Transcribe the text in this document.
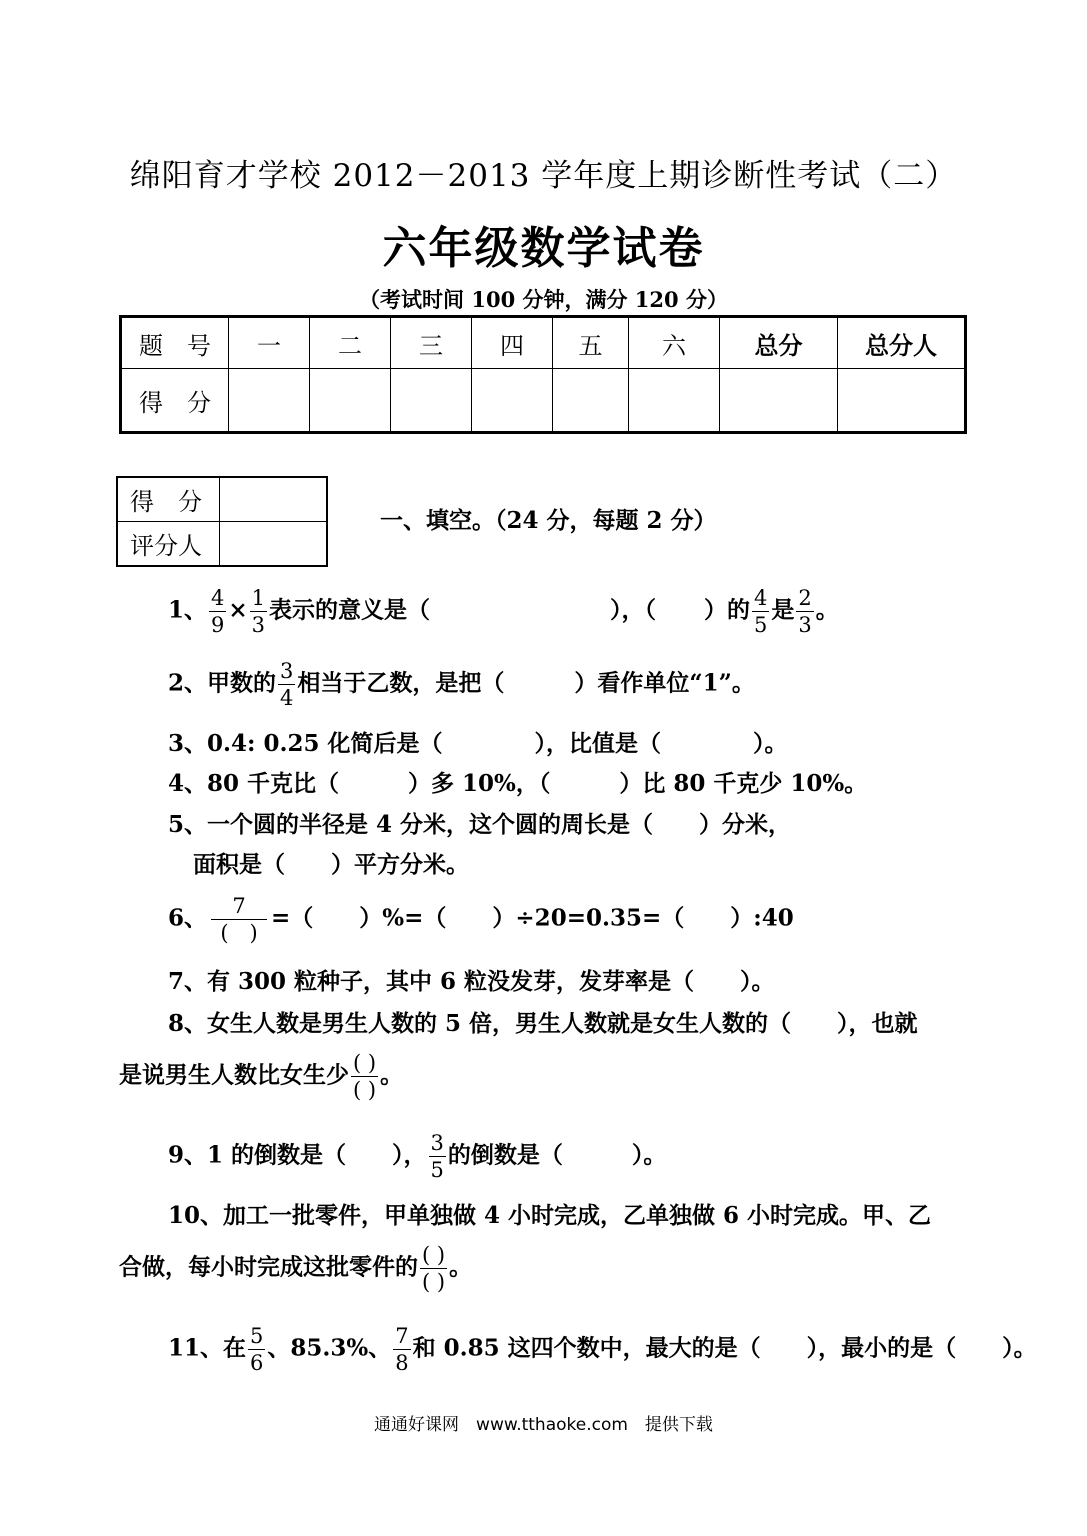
绵阳育才学校 2012－2013 学年度上期诊断性考试（二）
六年级数学试卷
（考试时间 100 分钟，满分 120 分）
题　号	一	二	三	四	五	六	总分	总分人
得　分								
得　分	
评分人	
一、填空。（24 分，每题 2 分）
1、 $\frac{4}{9} \times \frac{1}{3}$ 表示的意义是（	），（ ）的 $\frac{4}{5}$ 是 $\frac{2}{3}$ 。
2、甲数的 $\frac{3}{4}$ 相当于乙数，是把（	）看作单位“1”。
3、0.4: 0.25 化简后是（　　　　），比值是（　　　　）。
4、80 千克比（　　　）多 10%，（　　　）比 80 千克少 10%。
5、一个圆的半径是 4 分米，这个圆的周长是（　　）分米，
面积是（　　）平方分米。
6、 $\frac{7}{( )}$ =（　　）%=（　　）÷20=0.35=（　　）:40
7、有 300 粒种子，其中 6 粒没发芽，发芽率是（　　）。
8、女生人数是男生人数的 5 倍，男生人数就是女生人数的（　　），也就
是说男生人数比女生少 $\frac{( )}{( )}$ 。
9、1 的倒数是（　　）， $\frac{3}{5}$ 的倒数是（　　　）。
10、加工一批零件，甲单独做 4 小时完成，乙单独做 6 小时完成。甲、乙
合做，每小时完成这批零件的 $\frac{( )}{( )}$ 。
11、在 $\frac{5}{6}$ 、85.3%、 $\frac{7}{8}$ 和 0.85 这四个数中，最大的是（　　），最小的是（　　）。
通通好课网　www.tthaoke.com　提供下载
